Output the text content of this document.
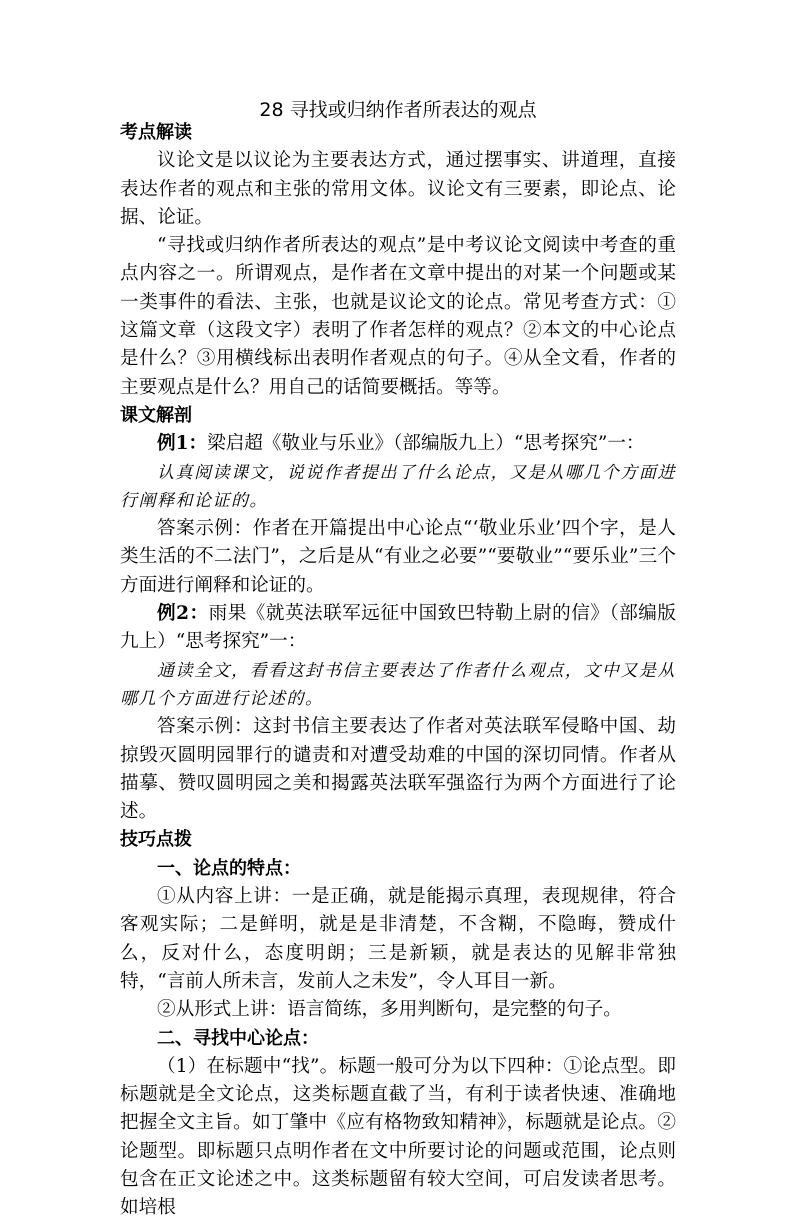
28 寻找或归纳作者所表达的观点

考点解读

议论文是以议论为主要表达方式，通过摆事实、讲道理，直接表达作者的观点和主张的常用文体。议论文有三要素，即论点、论据、论证。

“寻找或归纳作者所表达的观点”是中考议论文阅读中考查的重点内容之一。所谓观点，是作者在文章中提出的对某一个问题或某一类事件的看法、主张，也就是议论文的论点。常见考查方式：①这篇文章（这段文字）表明了作者怎样的观点？②本文的中心论点是什么？③用横线标出表明作者观点的句子。④从全文看，作者的主要观点是什么？用自己的话简要概括。等等。

课文解剖

例1：梁启超《敬业与乐业》（部编版九上）“思考探究”一：

认真阅读课文，说说作者提出了什么论点，又是从哪几个方面进行阐释和论证的。

答案示例：作者在开篇提出中心论点“‘敬业乐业’四个字，是人类生活的不二法门”，之后是从“有业之必要”“要敬业”“要乐业”三个方面进行阐释和论证的。

例2：雨果《就英法联军远征中国致巴特勒上尉的信》（部编版九上）“思考探究”一：

通读全文，看看这封书信主要表达了作者什么观点，文中又是从哪几个方面进行论述的。

答案示例：这封书信主要表达了作者对英法联军侵略中国、劫掠毁灭圆明园罪行的谴责和对遭受劫难的中国的深切同情。作者从描摹、赞叹圆明园之美和揭露英法联军强盗行为两个方面进行了论述。

技巧点拨

一、论点的特点：

①从内容上讲：一是正确，就是能揭示真理，表现规律，符合客观实际；二是鲜明，就是是非清楚，不含糊，不隐晦，赞成什么，反对什么，态度明朗；三是新颖，就是表达的见解非常独特，“言前人所未言，发前人之未发”，令人耳目一新。

②从形式上讲：语言简练，多用判断句，是完整的句子。

二、寻找中心论点：

（1）在标题中“找”。标题一般可分为以下四种：①论点型。即标题就是全文论点，这类标题直截了当，有利于读者快速、准确地把握全文主旨。如丁肇中《应有格物致知精神》，标题就是论点。②论题型。即标题只点明作者在文中所要讨论的问题或范围，论点则包含在正文论述之中。这类标题留有较大空间，可启发读者思考。如培根
